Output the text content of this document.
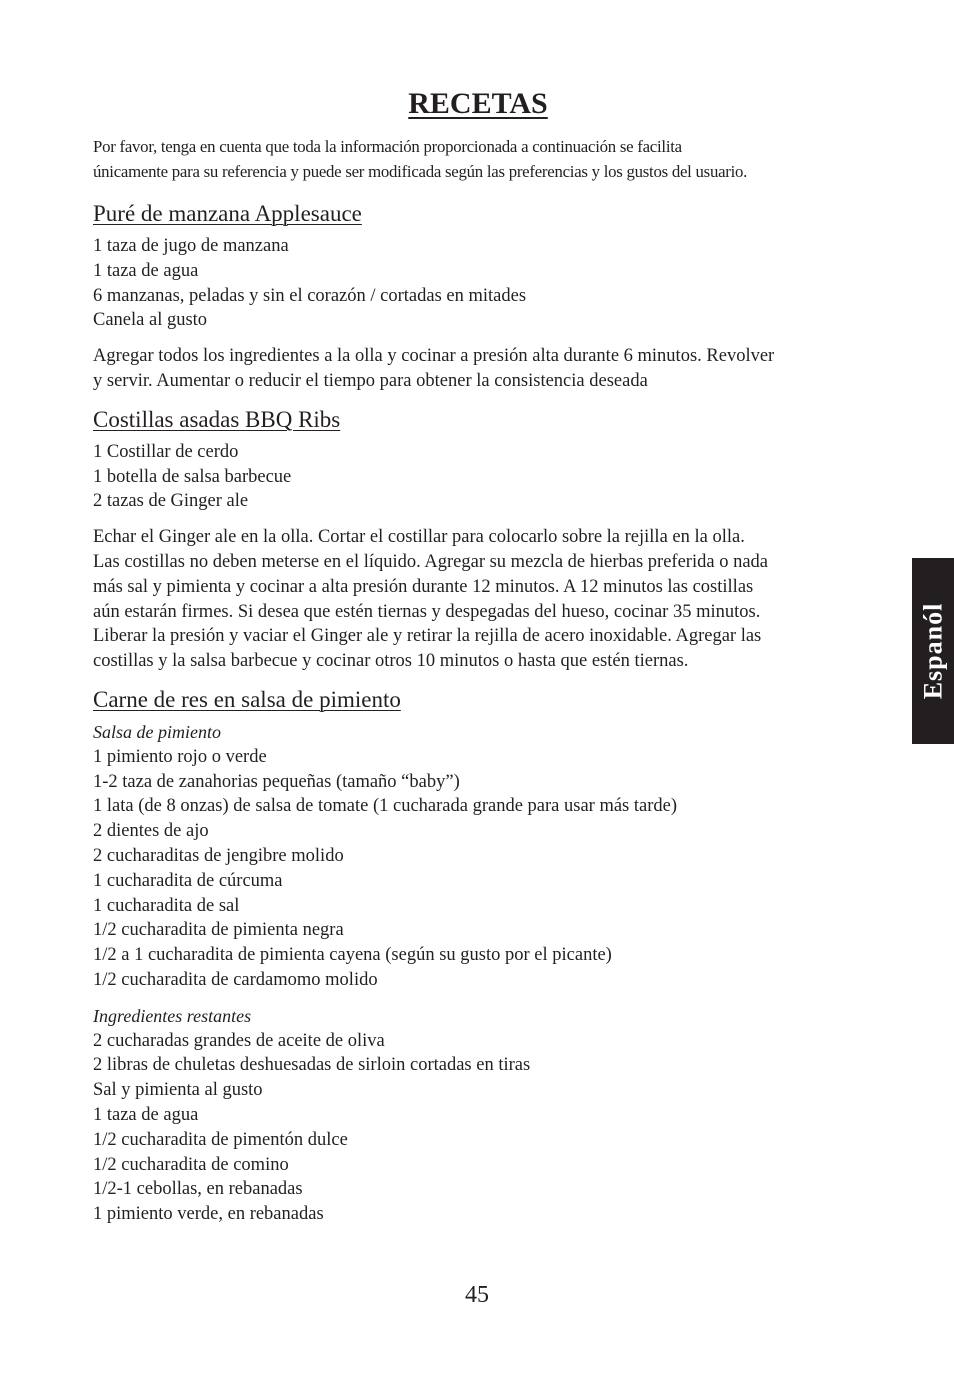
RECETAS

Por favor, tenga en cuenta que toda la información proporcionada a continuación se facilita
únicamente para su referencia y puede ser modificada según las preferencias y los gustos del usuario.

Puré de manzana Applesauce
1 taza de jugo de manzana
1 taza de agua
6 manzanas, peladas y sin el corazón / cortadas en mitades
Canela al gusto

Agregar todos los ingredientes a la olla y cocinar a presión alta durante 6 minutos. Revolver
y servir. Aumentar o reducir el tiempo para obtener la consistencia deseada

Costillas asadas BBQ Ribs
1 Costillar de cerdo
1 botella de salsa barbecue
2 tazas de Ginger ale

Echar el Ginger ale en la olla. Cortar el costillar para colocarlo sobre la rejilla en la olla.
Las costillas no deben meterse en el líquido. Agregar su mezcla de hierbas preferida o nada
más sal y pimienta y cocinar a alta presión durante 12 minutos. A 12 minutos las costillas
aún estarán firmes. Si desea que estén tiernas y despegadas del hueso, cocinar 35 minutos.
Liberar la presión y vaciar el Ginger ale y retirar la rejilla de acero inoxidable. Agregar las
costillas y la salsa barbecue y cocinar otros 10 minutos o hasta que estén tiernas.

Carne de res en salsa de pimiento

Salsa de pimiento

1 pimiento rojo o verde
1-2 taza de zanahorias pequeñas (tamaño “baby”)
1 lata (de 8 onzas) de salsa de tomate (1 cucharada grande para usar más tarde)
2 dientes de ajo
2 cucharaditas de jengibre molido
1 cucharadita de cúrcuma
1 cucharadita de sal
1/2 cucharadita de pimienta negra
1/2 a 1 cucharadita de pimienta cayena (según su gusto por el picante)
1/2 cucharadita de cardamomo molido

Ingredientes restantes

2 cucharadas grandes de aceite de oliva
2 libras de chuletas deshuesadas de sirloin cortadas en tiras
Sal y pimienta al gusto
1 taza de agua
1/2 cucharadita de pimentón dulce
1/2 cucharadita de comino
1/2-1 cebollas, en rebanadas
1 pimiento verde, en rebanadas
45
Espanól
